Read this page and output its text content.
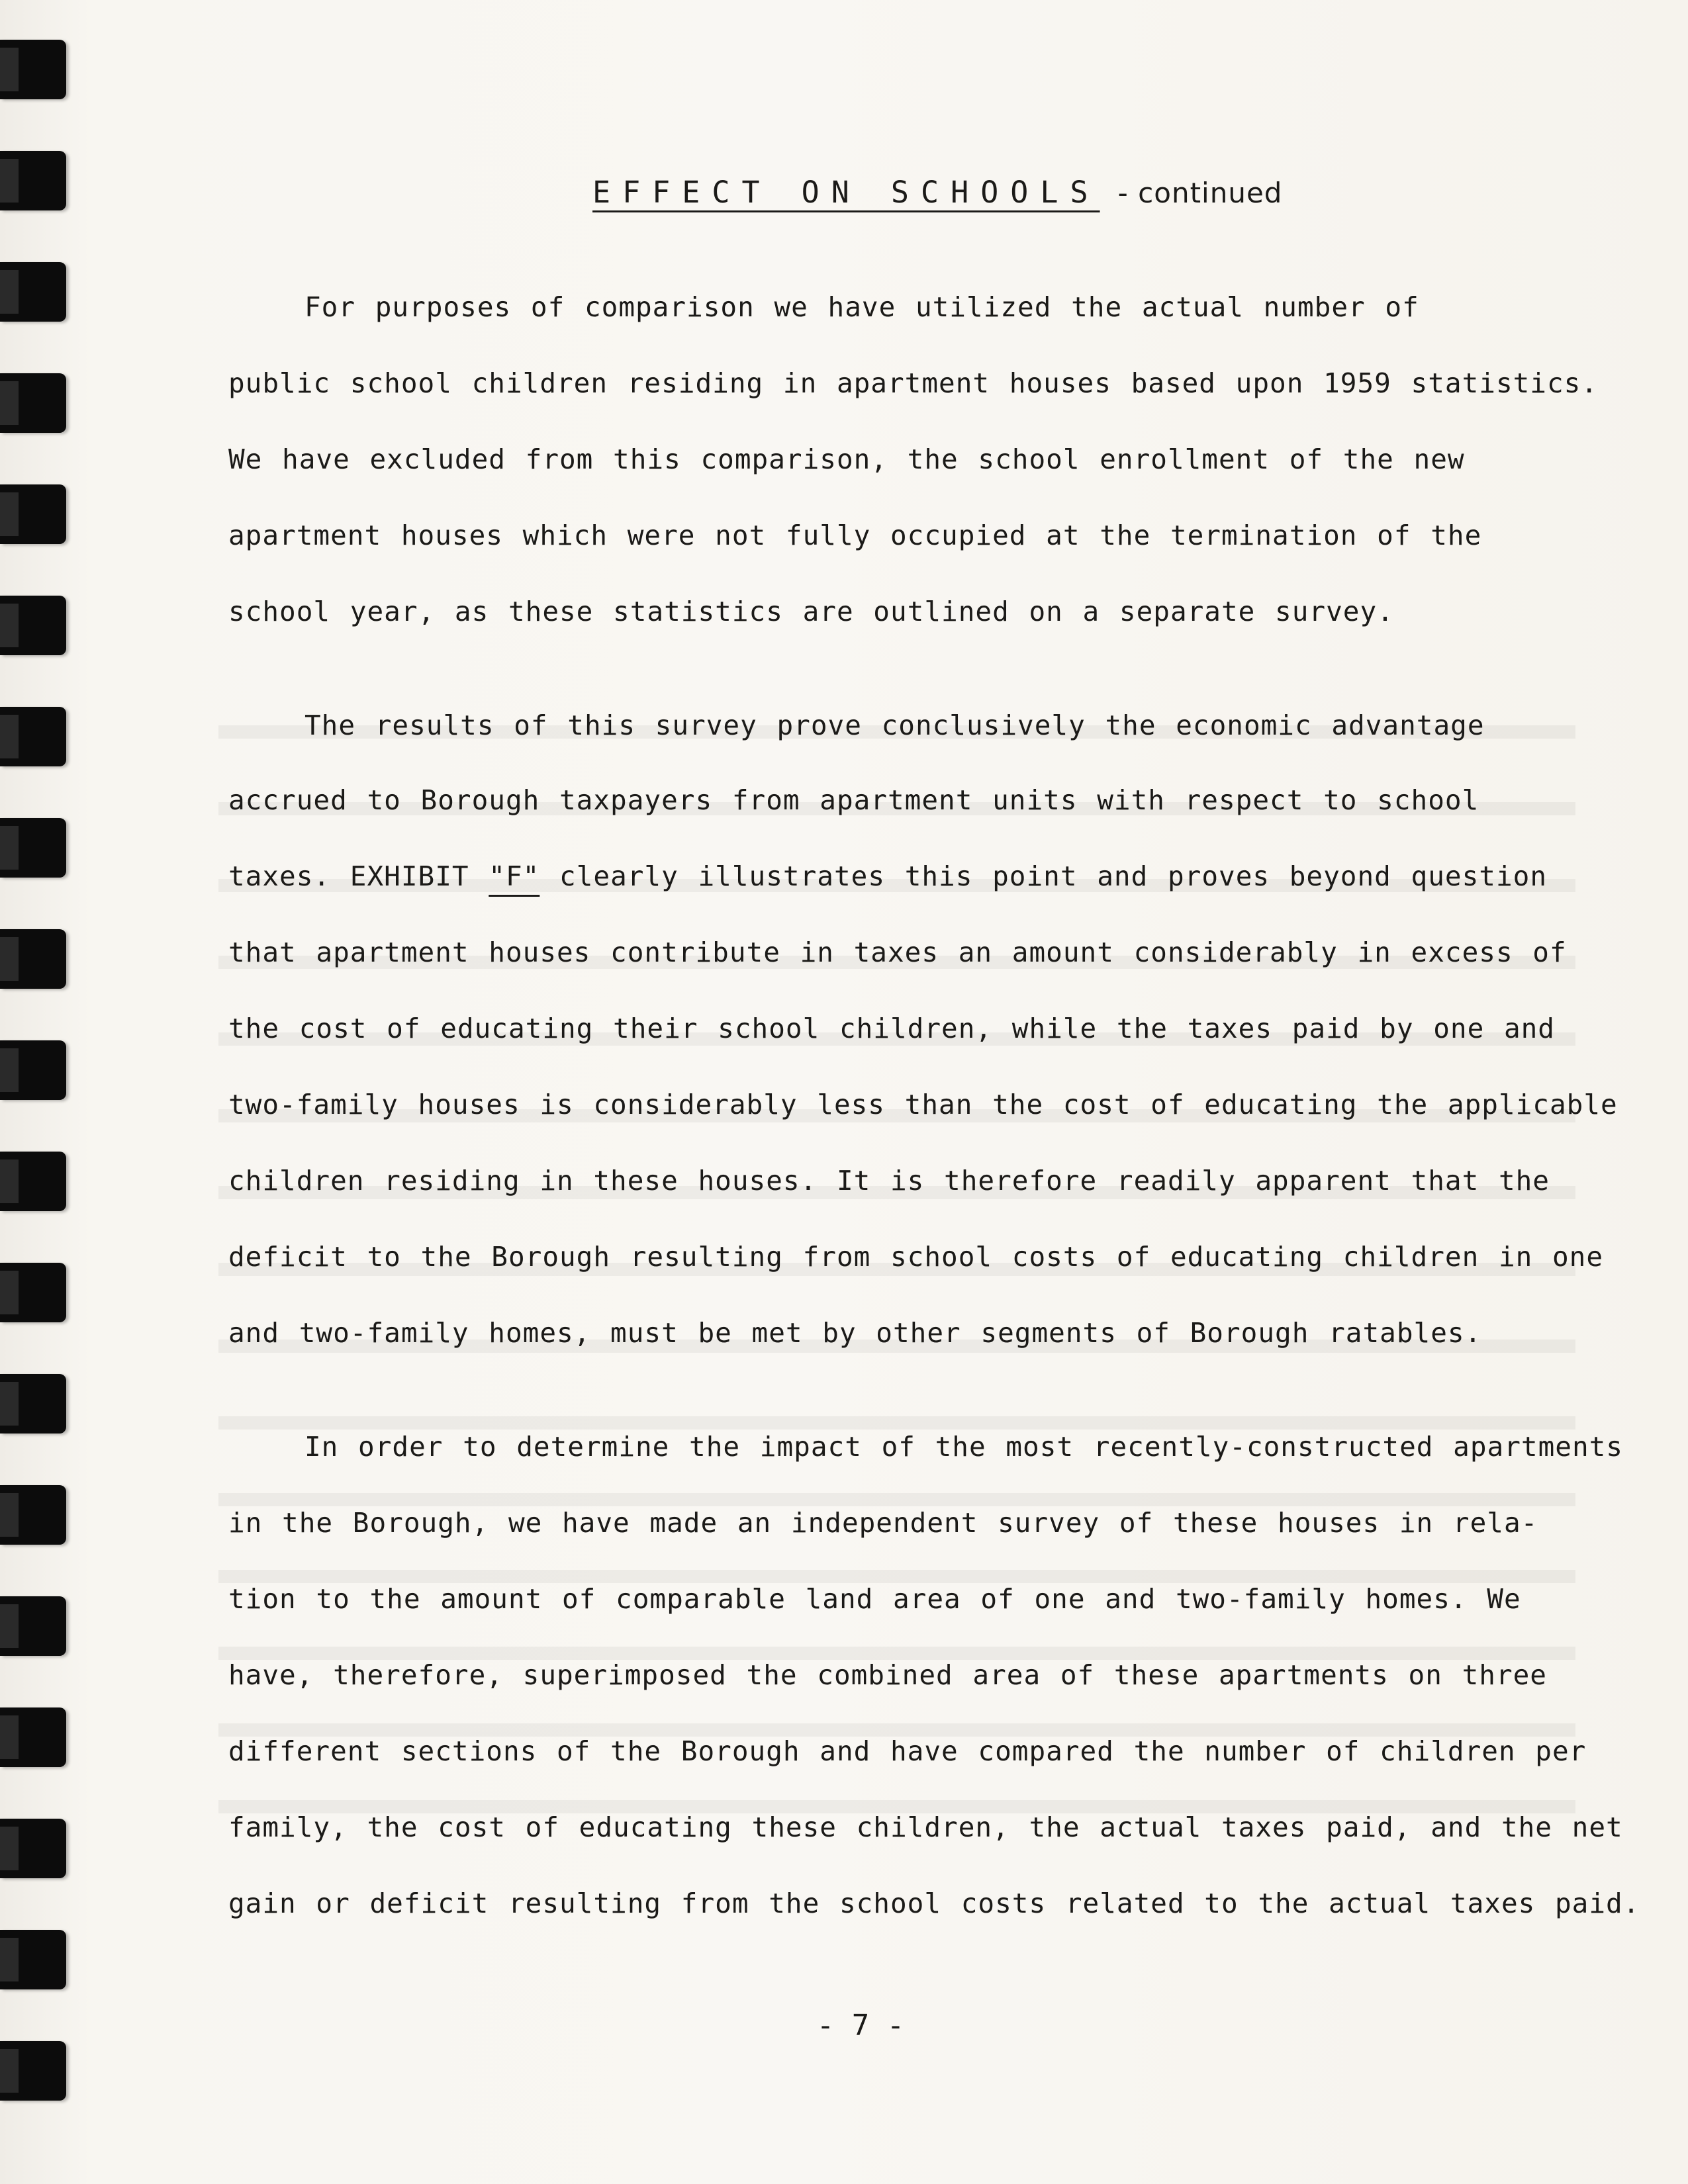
EFFECT ON SCHOOLS - continued
For purposes of comparison we have utilized the actual number of
public school children residing in apartment houses based upon 1959 statistics.
We have excluded from this comparison, the school enrollment of the new
apartment houses which were not fully occupied at the termination of the
school year, as these statistics are outlined on a separate survey.
The results of this survey prove conclusively the economic advantage
accrued to Borough taxpayers from apartment units with respect to school
taxes. EXHIBIT "F" clearly illustrates this point and proves beyond question
that apartment houses contribute in taxes an amount considerably in excess of
the cost of educating their school children, while the taxes paid by one and
two-family houses is considerably less than the cost of educating the applicable
children residing in these houses. It is therefore readily apparent that the
deficit to the Borough resulting from school costs of educating children in one
and two-family homes, must be met by other segments of Borough ratables.
In order to determine the impact of the most recently-constructed apartments
in the Borough, we have made an independent survey of these houses in rela-
tion to the amount of comparable land area of one and two-family homes. We
have, therefore, superimposed the combined area of these apartments on three
different sections of the Borough and have compared the number of children per
family, the cost of educating these children, the actual taxes paid, and the net
gain or deficit resulting from the school costs related to the actual taxes paid.
- 7 -
